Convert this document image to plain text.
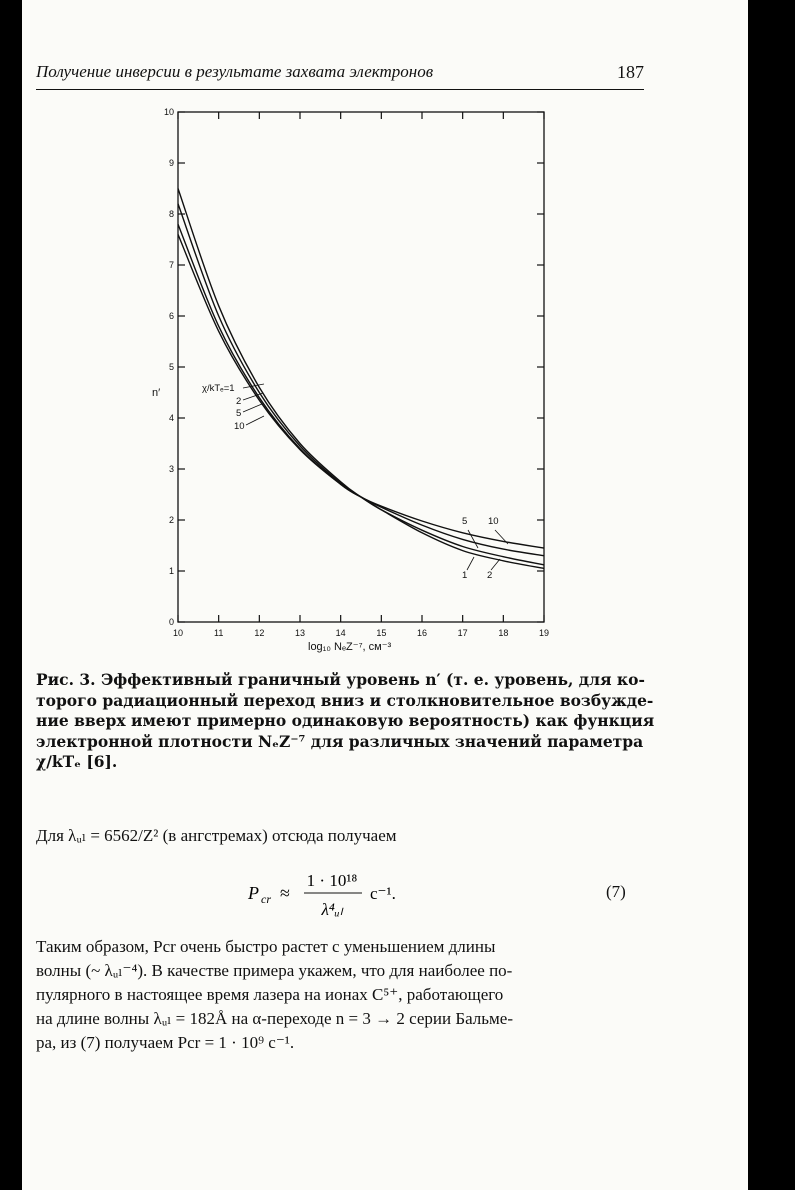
Получение инверсии в результате захвата электронов	187
10	11	12	13	14	15	16	17	18	19
0
1
2
3
4
5
6
7
8
9
10
n′
log₁₀ NₑZ⁻⁷, см⁻³
χ/kTₑ=1
2
5
10
5 10
1 2
Рис. 3. Эффективный граничный уровень n′ (т. е. уровень, для ко-
торого радиационный переход вниз и столкновительное возбужде-
ние вверх имеют примерно одинаковую вероятность) как функция
электронной плотности NₑZ⁻⁷ для различных значений параметра
χ/kTₑ [6].
Для λᵤₗ = 6562/Z² (в ангстремах) отсюда получаем
P cr ≈
1 · 10¹⁸
λ⁴ᵤₗ
с⁻¹.	(7)
Таким образом, Pcr очень быстро растет с уменьшением длины
волны (~ λᵤₗ⁻⁴). В качестве примера укажем, что для наиболее по-
пулярного в настоящее время лазера на ионах C⁵⁺, работающего
на длине волны λᵤₗ = 182Å на α-переходе n = 3 → 2 серии Бальме-
ра, из (7) получаем Pcr = 1 · 10⁹ с⁻¹.
